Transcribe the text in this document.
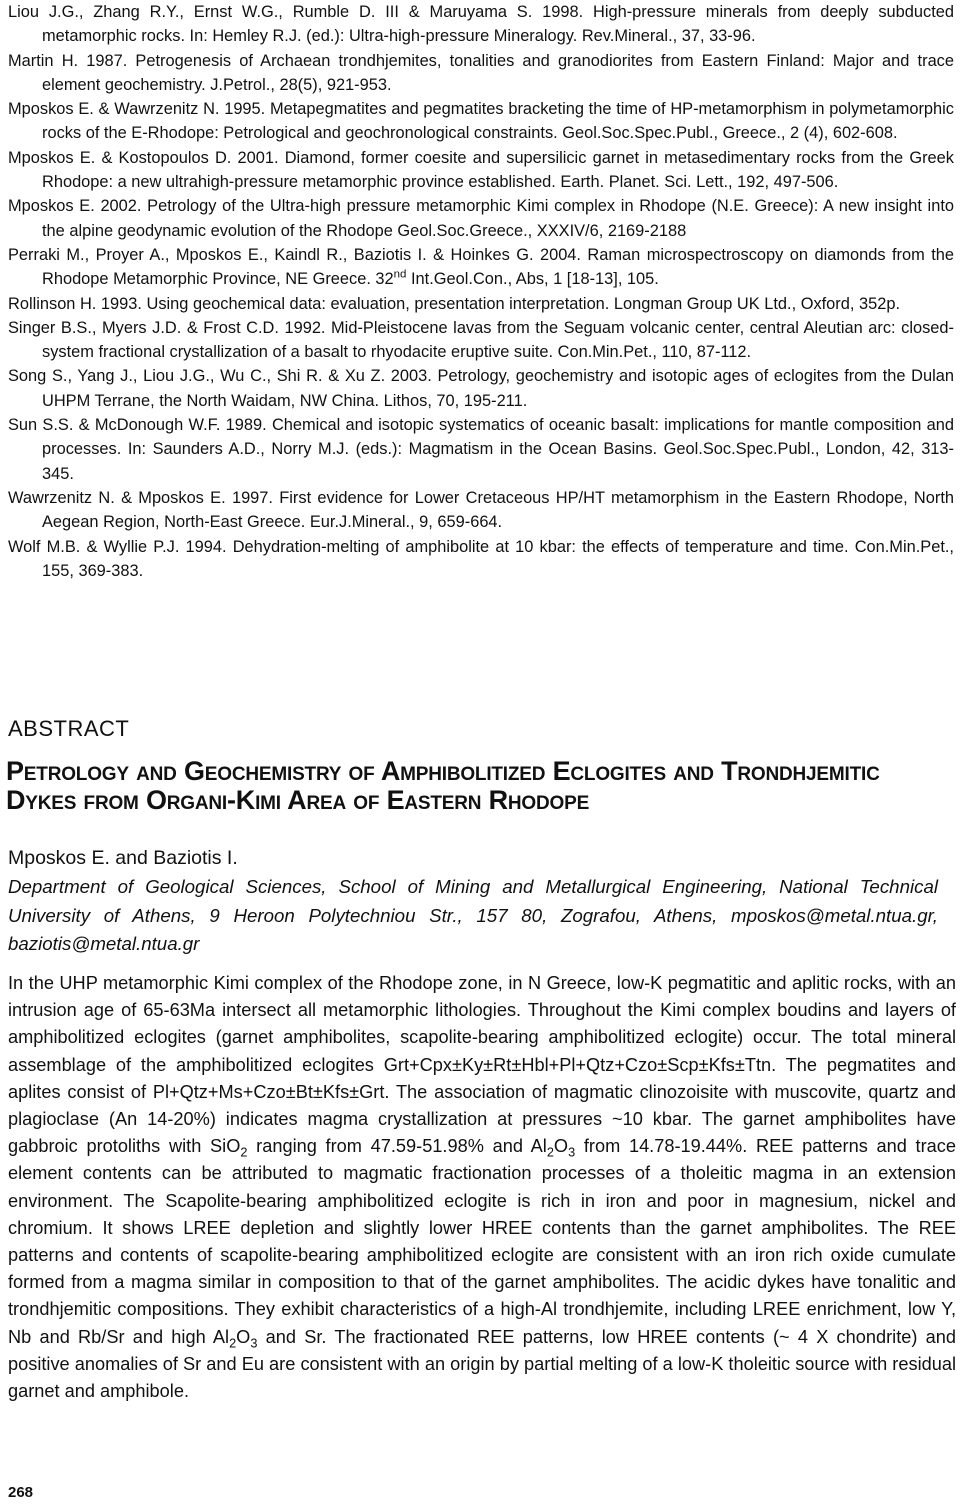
Liou J.G., Zhang R.Y., Ernst W.G., Rumble D. III & Maruyama S. 1998. High-pressure minerals from deeply subducted metamorphic rocks. In: Hemley R.J. (ed.): Ultra-high-pressure Mineralogy. Rev.Mineral., 37, 33-96.

Martin H. 1987. Petrogenesis of Archaean trondhjemites, tonalities and granodiorites from Eastern Finland: Major and trace element geochemistry. J.Petrol., 28(5), 921-953.

Mposkos E. & Wawrzenitz N. 1995. Metapegmatites and pegmatites bracketing the time of HP-metamorphism in polymetamorphic rocks of the E-Rhodope: Petrological and geochronological constraints. Geol.Soc.Spec.Publ., Greece., 2 (4), 602-608.

Mposkos E. & Kostopoulos D. 2001. Diamond, former coesite and supersilicic garnet in metasedimentary rocks from the Greek Rhodope: a new ultrahigh-pressure metamorphic province established. Earth. Planet. Sci. Lett., 192, 497-506.

Mposkos E. 2002. Petrology of the Ultra-high pressure metamorphic Kimi complex in Rhodope (N.E. Greece): A new insight into the alpine geodynamic evolution of the Rhodope Geol.Soc.Greece., XXXIV/6, 2169-2188

Perraki M., Proyer A., Mposkos E., Kaindl R., Baziotis I. & Hoinkes G. 2004. Raman microspectroscopy on diamonds from the Rhodope Metamorphic Province, NE Greece. 32nd Int.Geol.Con., Abs, 1 [18-13], 105.

Rollinson H. 1993. Using geochemical data: evaluation, presentation interpretation. Longman Group UK Ltd., Oxford, 352p.

Singer B.S., Myers J.D. & Frost C.D. 1992. Mid-Pleistocene lavas from the Seguam volcanic center, central Aleutian arc: closed-system fractional crystallization of a basalt to rhyodacite eruptive suite. Con.Min.Pet., 110, 87-112.

Song S., Yang J., Liou J.G., Wu C., Shi R. & Xu Z. 2003. Petrology, geochemistry and isotopic ages of eclogites from the Dulan UHPM Terrane, the North Waidam, NW China. Lithos, 70, 195-211.

Sun S.S. & McDonough W.F. 1989. Chemical and isotopic systematics of oceanic basalt: implications for mantle composition and processes. In: Saunders A.D., Norry M.J. (eds.): Magmatism in the Ocean Basins. Geol.Soc.Spec.Publ., London, 42, 313-345.

Wawrzenitz N. & Mposkos E. 1997. First evidence for Lower Cretaceous HP/HT metamorphism in the Eastern Rhodope, North Aegean Region, North-East Greece. Eur.J.Mineral., 9, 659-664.

Wolf M.B. & Wyllie P.J. 1994. Dehydration-melting of amphibolite at 10 kbar: the effects of temperature and time. Con.Min.Pet., 155, 369-383.

ABSTRACT
Petrology and Geochemistry of Amphibolitized Eclogites and Trondhjemitic Dykes from Organi-Kimi Area of Eastern Rhodope
Mposkos E. and Baziotis I.
Department of Geological Sciences, School of Mining and Metallurgical Engineering, National Technical University of Athens, 9 Heroon Polytechniou Str., 157 80, Zografou, Athens, mposkos@metal.ntua.gr, baziotis@metal.ntua.gr
In the UHP metamorphic Kimi complex of the Rhodope zone, in N Greece, low-K pegmatitic and aplitic rocks, with an intrusion age of 65-63Ma intersect all metamorphic lithologies. Throughout the Kimi complex boudins and layers of amphibolitized eclogites (garnet amphibolites, scapolite-bearing amphibolitized eclogite) occur. The total mineral assemblage of the amphibolitized eclogites Grt+Cpx±Ky±Rt±Hbl+Pl+Qtz+Czo±Scp±Kfs±Ttn. The pegmatites and aplites consist of Pl+Qtz+Ms+Czo±Bt±Kfs±Grt. The association of magmatic clinozoisite with muscovite, quartz and plagioclase (An 14-20%) indicates magma crystallization at pressures ~10 kbar. The garnet amphibolites have gabbroic protoliths with SiO$_2$ ranging from 47.59-51.98% and $Al_2O_3$ from 14.78-19.44%. REE patterns and trace element contents can be attributed to magmatic fractionation processes of a tholeitic magma in an extension environment. The Scapolite-bearing amphibolitized eclogite is rich in iron and poor in magnesium, nickel and chromium. It shows LREE depletion and slightly lower HREE contents than the garnet amphibolites. The REE patterns and contents of scapolite-bearing amphibolitized eclogite are consistent with an iron rich oxide cumulate formed from a magma similar in composition to that of the garnet amphibolites. The acidic dykes have tonalitic and trondhjemitic compositions. They exhibit characteristics of a high-Al trondhjemite, including LREE enrichment, low Y, Nb and Rb/Sr and high $Al_2O_3$ and Sr. The fractionated REE patterns, low HREE contents (~ 4 X chondrite) and positive anomalies of Sr and Eu are consistent with an origin by partial melting of a low-K tholeitic source with residual garnet and amphibole.
268
